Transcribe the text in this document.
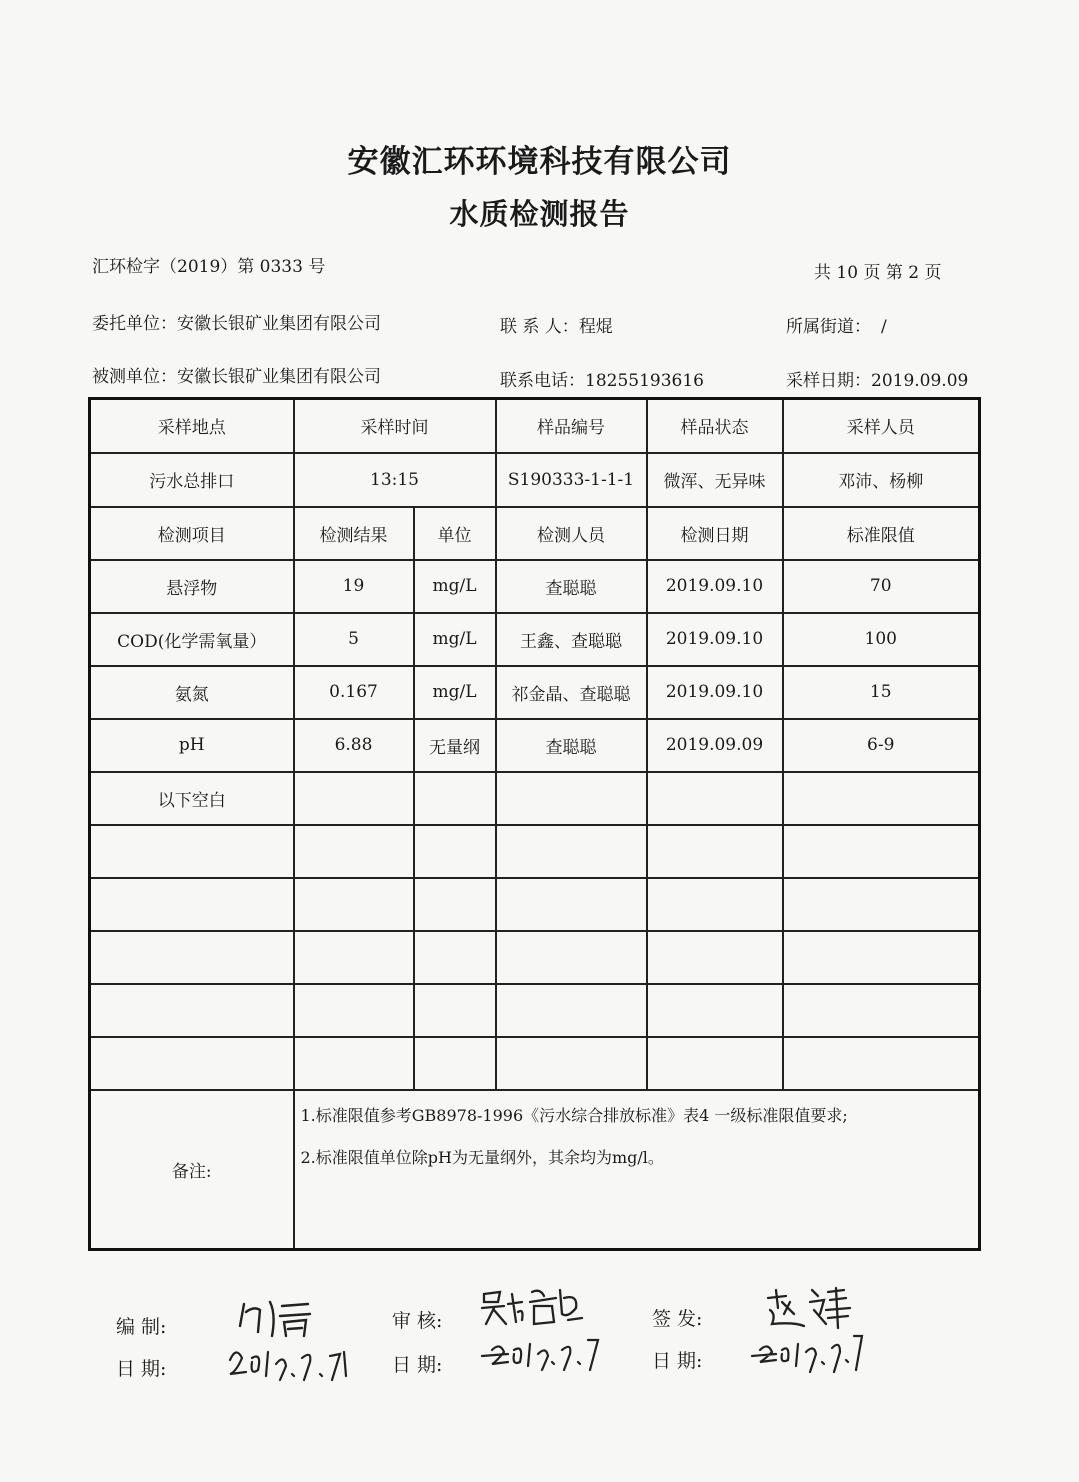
安徽汇环环境科技有限公司
水质检测报告
汇环检字（2019）第 0333 号	共 10 页 第 2 页
委托单位：安徽长银矿业集团有限公司	联 系 人：程焜	所属街道： /
被测单位：安徽长银矿业集团有限公司	联系电话：18255193616	采样日期：2019.09.09
采样地点	采样时间		样品编号	样品状态	采样人员
污水总排口	13:15		S190333-1-1-1	微浑、无异味	邓沛、杨柳
检测项目	检测结果	单位	检测人员	检测日期	标准限值
悬浮物	19	mg/L	查聪聪	2019.09.10	70
COD(化学需氧量）	5	mg/L	王鑫、查聪聪	2019.09.10	100
氨氮	0.167	mg/L	祁金晶、查聪聪	2019.09.10	15
pH	6.88	无量纲	查聪聪	2019.09.09	6-9
以下空白					

备注:	1.标准限值参考GB8978-1996《污水综合排放标准》表4 一级标准限值要求;
2.标准限值单位除pH为无量纲外，其余均为mg/l。				
编 制:
日 期:
审 核:
日 期:
签 发:
日 期:
